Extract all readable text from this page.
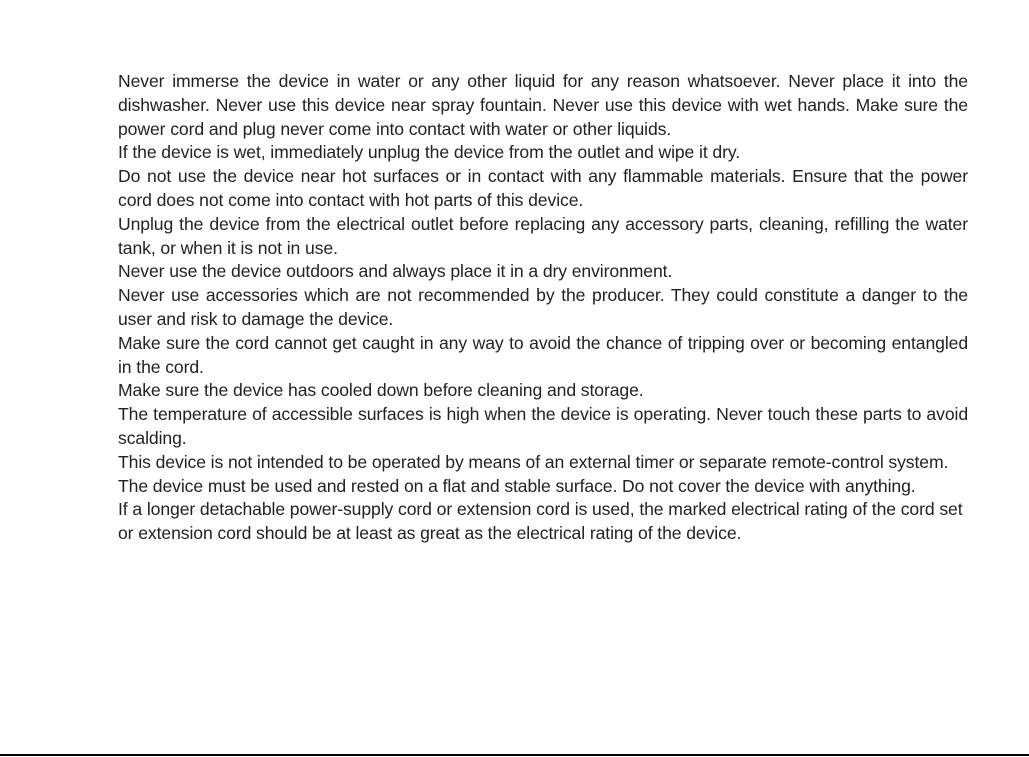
Never immerse the device in water or any other liquid for any reason whatsoever. Never place it into the dishwasher. Never use this device near spray fountain. Never use this device with wet hands. Make sure the power cord and plug never come into contact with water or other liquids.

If the device is wet, immediately unplug the device from the outlet and wipe it dry.

Do not use the device near hot surfaces or in contact with any flammable materials. Ensure that the power cord does not come into contact with hot parts of this device.

Unplug the device from the electrical outlet before replacing any accessory parts, cleaning, refilling the water tank, or when it is not in use.

Never use the device outdoors and always place it in a dry environment.

Never use accessories which are not recommended by the producer. They could constitute a danger to the user and risk to damage the device.

Make sure the cord cannot get caught in any way to avoid the chance of tripping over or becoming entangled in the cord.

Make sure the device has cooled down before cleaning and storage.

The temperature of accessible surfaces is high when the device is operating. Never touch these parts to avoid scalding.

This device is not intended to be operated by means of an external timer or separate remote-control system.

The device must be used and rested on a flat and stable surface. Do not cover the device with anything.

If a longer detachable power-supply cord or extension cord is used, the marked electrical rating of the cord set or extension cord should be at least as great as the electrical rating of the device.
